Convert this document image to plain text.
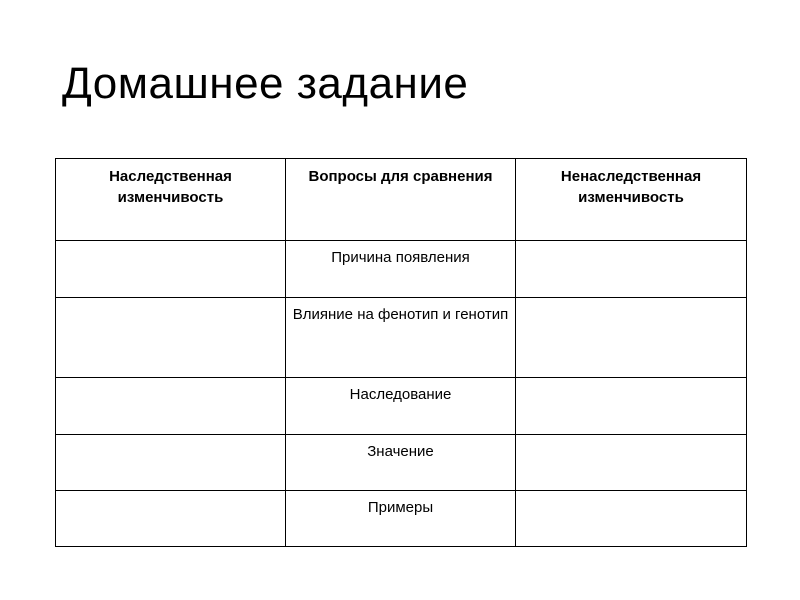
Домашнее задание
Наследственная изменчивость	Вопросы для сравнения	Ненаследственная изменчивость
	Причина появления	
	Влияние на фенотип и генотип	
	Наследование	
	Значение	
	Примеры	
